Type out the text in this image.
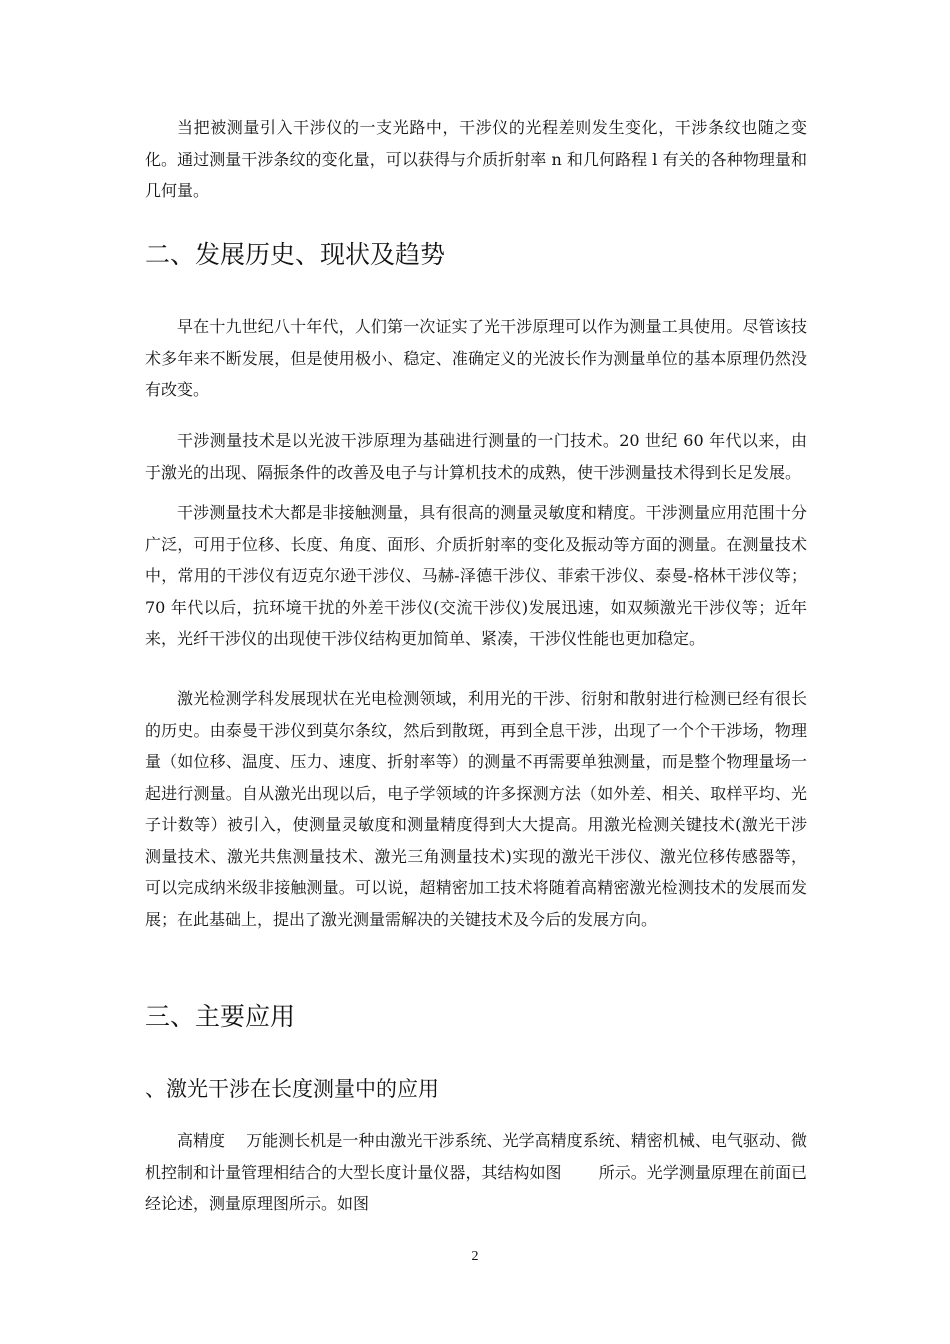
当把被测量引入干涉仪的一支光路中，干涉仪的光程差则发生变化，干涉条纹也随之变化。通过测量干涉条纹的变化量，可以获得与介质折射率 n 和几何路程 l 有关的各种物理量和几何量。

二、发展历史、现状及趋势

早在十九世纪八十年代，人们第一次证实了光干涉原理可以作为测量工具使用。尽管该技术多年来不断发展，但是使用极小、稳定、准确定义的光波长作为测量单位的基本原理仍然没有改变。

干涉测量技术是以光波干涉原理为基础进行测量的一门技术。20 世纪 60 年代以来，由于激光的出现、隔振条件的改善及电子与计算机技术的成熟，使干涉测量技术得到长足发展。

干涉测量技术大都是非接触测量，具有很高的测量灵敏度和精度。干涉测量应用范围十分广泛，可用于位移、长度、角度、面形、介质折射率的变化及振动等方面的测量。在测量技术中，常用的干涉仪有迈克尔逊干涉仪、马赫-泽德干涉仪、菲索干涉仪、泰曼-格林干涉仪等；70 年代以后，抗环境干扰的外差干涉仪(交流干涉仪)发展迅速，如双频激光干涉仪等；近年来，光纤干涉仪的出现使干涉仪结构更加简单、紧凑，干涉仪性能也更加稳定。

激光检测学科发展现状在光电检测领域，利用光的干涉、衍射和散射进行检测已经有很长的历史。由泰曼干涉仪到莫尔条纹，然后到散斑，再到全息干涉，出现了一个个干涉场，物理量（如位移、温度、压力、速度、折射率等）的测量不再需要单独测量，而是整个物理量场一起进行测量。自从激光出现以后，电子学领域的许多探测方法（如外差、相关、取样平均、光子计数等）被引入，使测量灵敏度和测量精度得到大大提高。用激光检测关键技术(激光干涉测量技术、激光共焦测量技术、激光三角测量技术)实现的激光干涉仪、激光位移传感器等，可以完成纳米级非接触测量。可以说，超精密加工技术将随着高精密激光检测技术的发展而发展；在此基础上，提出了激光测量需解决的关键技术及今后的发展方向。

三、主要应用
、激光干涉在长度测量中的应用

高精度　 万能测长机是一种由激光干涉系统、光学高精度系统、精密机械、电气驱动、微机控制和计量管理相结合的大型长度计量仪器，其结构如图　　 所示。光学测量原理在前面已经论述，测量原理图所示。如图

2
